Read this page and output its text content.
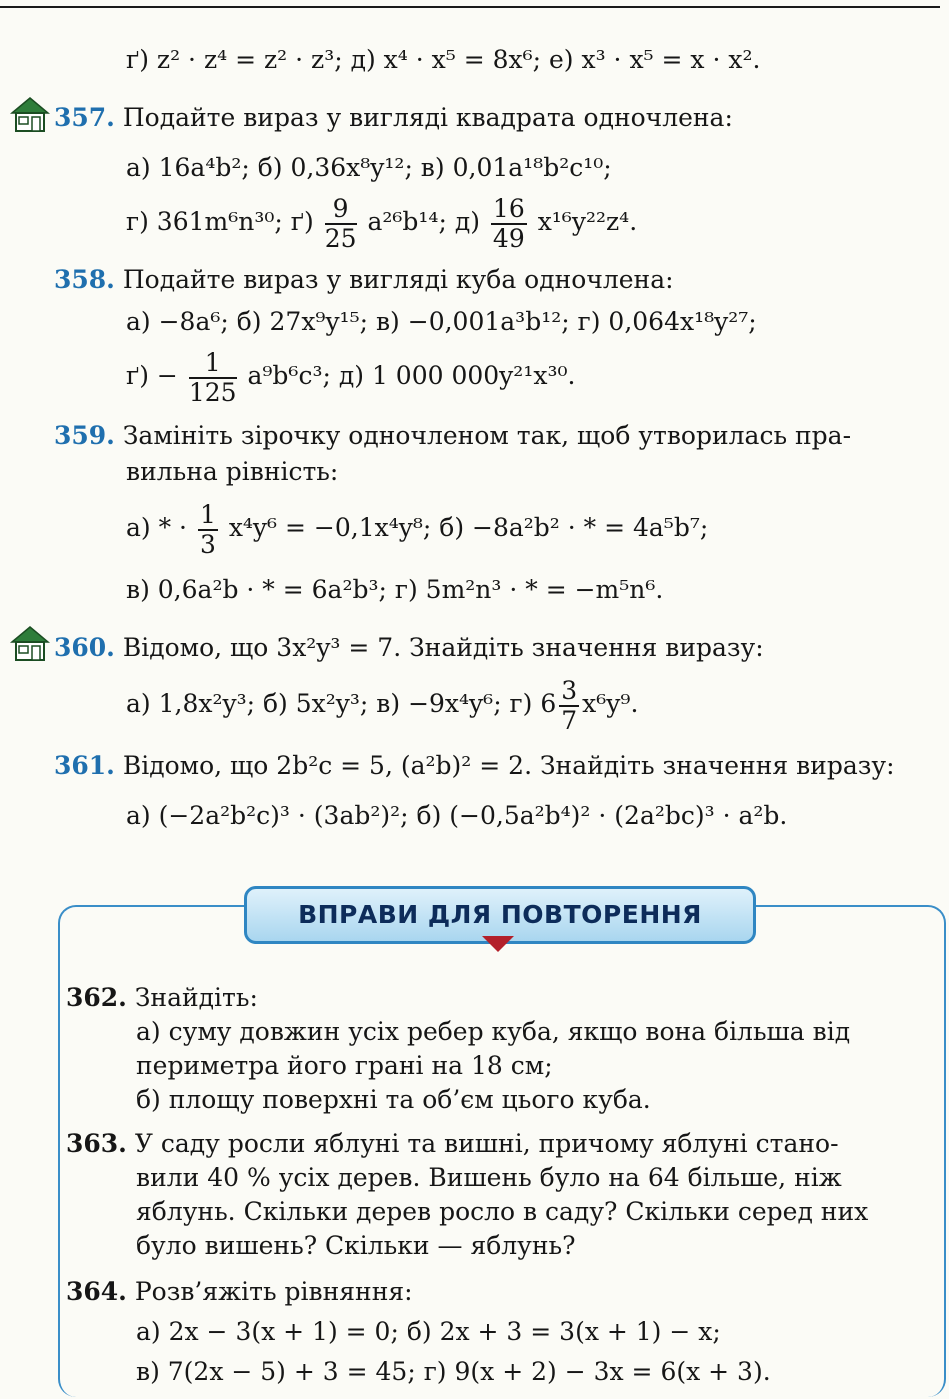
ґ) z² · z⁴ = z² · z³; д) x⁴ · x⁵ = 8x⁶; е) x³ · x⁵ = x · x².
357. Подайте вираз у вигляді квадрата одночлена:
а) 16a⁴b²; б) 0,36x⁸y¹²; в) 0,01a¹⁸b²c¹⁰;
г) 361m⁶n³⁰; $ґ) \frac{9}{25} a^{26}b^{14}$; $д) \frac{16}{49} x^{16}y^{22}z^4$.
358. Подайте вираз у вигляді куба одночлена:
а) −8a⁶; б) 27x⁹y¹⁵; в) −0,001a³b¹²; г) 0,064x¹⁸y²⁷;
$ґ) - \frac{1}{125} a^9b^6c^3$; д) 1 000 000y²¹x³⁰.
359. Замініть зірочку одночленом так, щоб утворилась пра-
вильна рівність:
а) * · $\frac{1}{3} x^4y^6 = -0,1x^4y^8$; б) −8a²b² · * = 4a⁵b⁷;
в) 0,6a²b · * = 6a²b³; г) 5m²n³ · * = −m⁵n⁶.
360. Відомо, що 3x²y³ = 7. Знайдіть значення виразу:
а) 1,8x²y³; б) 5x²y³; в) −9x⁴y⁶; г) $6 \frac{3}{7} x^6y^9$.
361. Відомо, що 2b²c = 5, (a²b)² = 2. Знайдіть значення виразу:
а) (−2a²b²c)³ · (3ab²)²; б) (−0,5a²b⁴)² · (2a²bc)³ · a²b.
ВПРАВИ ДЛЯ ПОВТОРЕННЯ
362. Знайдіть:
а) суму довжин усіх ребер куба, якщо вона більша від
периметра його грані на 18 см;
б) площу поверхні та об’єм цього куба.
363. У саду росли яблуні та вишні, причому яблуні стано-
вили 40 % усіх дерев. Вишень було на 64 більше, ніж
яблунь. Скільки дерев росло в саду? Скільки серед них
було вишень? Скільки — яблунь?
364. Розв’яжіть рівняння:
а) 2x − 3(x + 1) = 0; б) 2x + 3 = 3(x + 1) − x;
в) 7(2x − 5) + 3 = 45; г) 9(x + 2) − 3x = 6(x + 3).
